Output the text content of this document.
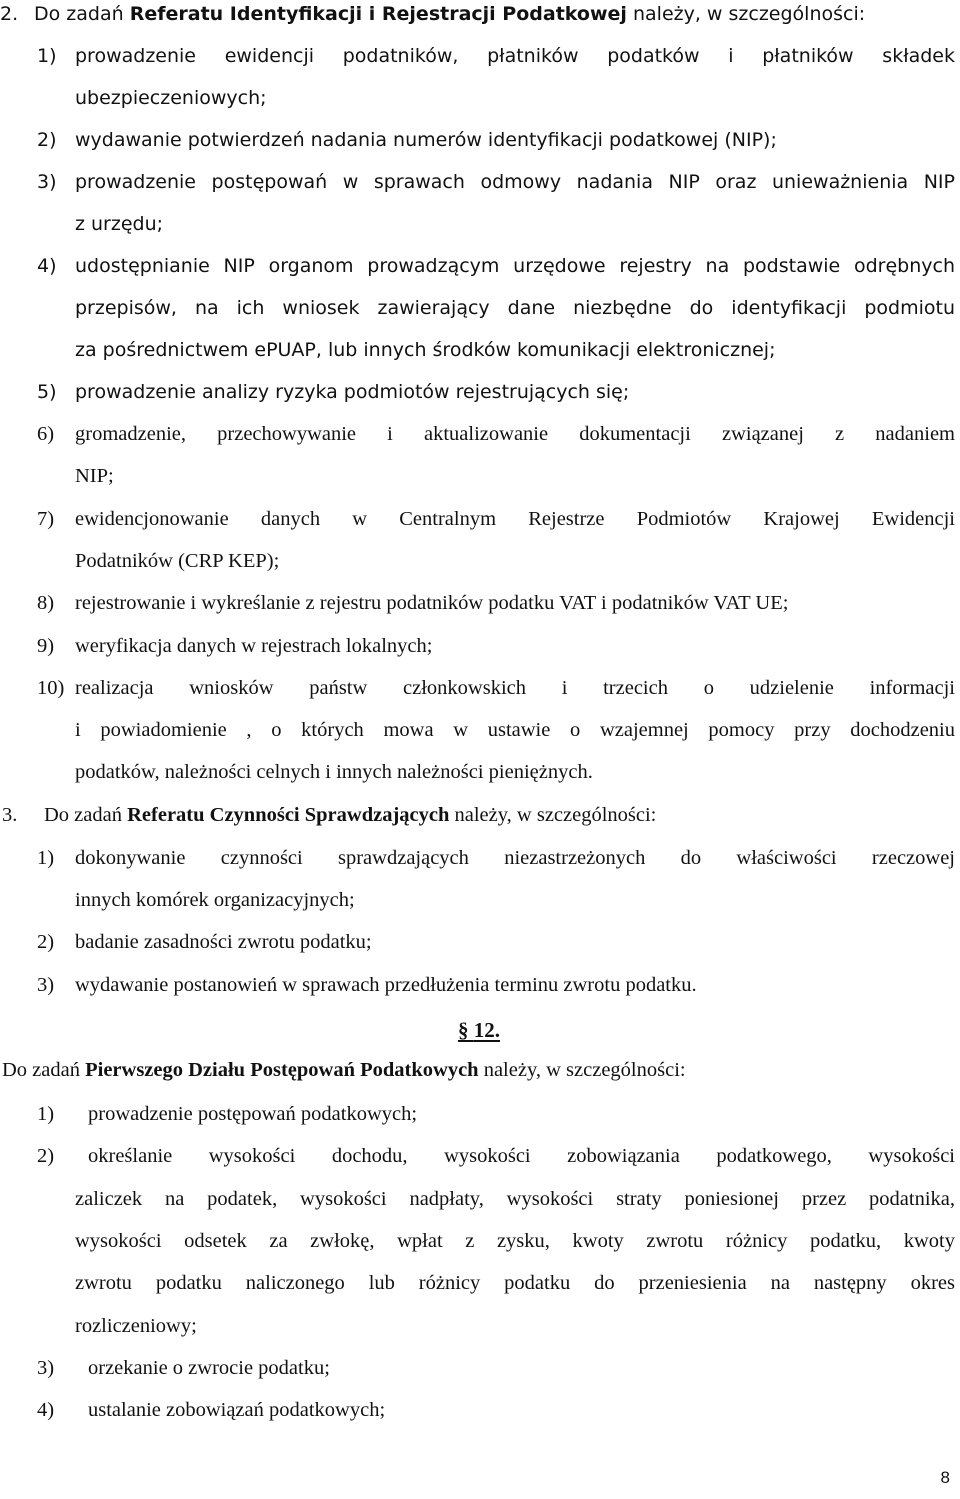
2. Do zadań Referatu Identyfikacji i Rejestracji Podatkowej należy, w szczególności:
1) prowadzenie ewidencji podatników, płatników podatków i płatników składek
ubezpieczeniowych;
2) wydawanie potwierdzeń nadania numerów identyfikacji podatkowej (NIP);
3) prowadzenie postępowań w sprawach odmowy nadania NIP oraz unieważnienia NIP
z urzędu;
4) udostępnianie NIP organom prowadzącym urzędowe rejestry na podstawie odrębnych
przepisów, na ich wniosek zawierający dane niezbędne do identyfikacji podmiotu
za pośrednictwem ePUAP, lub innych środków komunikacji elektronicznej;
5) prowadzenie analizy ryzyka podmiotów rejestrujących się;
6) gromadzenie, przechowywanie i aktualizowanie dokumentacji związanej z nadaniem
NIP;
7) ewidencjonowanie danych w Centralnym Rejestrze Podmiotów Krajowej Ewidencji
Podatników (CRP KEP);
8) rejestrowanie i wykreślanie z rejestru podatników podatku VAT i podatników VAT UE;
9) weryfikacja danych w rejestrach lokalnych;
10) realizacja wniosków państw członkowskich i trzecich o udzielenie informacji
i powiadomienie , o których mowa w ustawie o wzajemnej pomocy przy dochodzeniu
podatków, należności celnych i innych należności pieniężnych.
3. Do zadań Referatu Czynności Sprawdzających należy, w szczególności:
1) dokonywanie czynności sprawdzających niezastrzeżonych do właściwości rzeczowej
innych komórek organizacyjnych;
2) badanie zasadności zwrotu podatku;
3) wydawanie postanowień w sprawach przedłużenia terminu zwrotu podatku.
§ 12.
Do zadań Pierwszego Działu Postępowań Podatkowych należy, w szczególności:
1) prowadzenie postępowań podatkowych;
2) określanie wysokości dochodu, wysokości zobowiązania podatkowego, wysokości
zaliczek na podatek, wysokości nadpłaty, wysokości straty poniesionej przez podatnika,
wysokości odsetek za zwłokę, wpłat z zysku, kwoty zwrotu różnicy podatku, kwoty
zwrotu podatku naliczonego lub różnicy podatku do przeniesienia na następny okres
rozliczeniowy;
3) orzekanie o zwrocie podatku;
4) ustalanie zobowiązań podatkowych;
8
